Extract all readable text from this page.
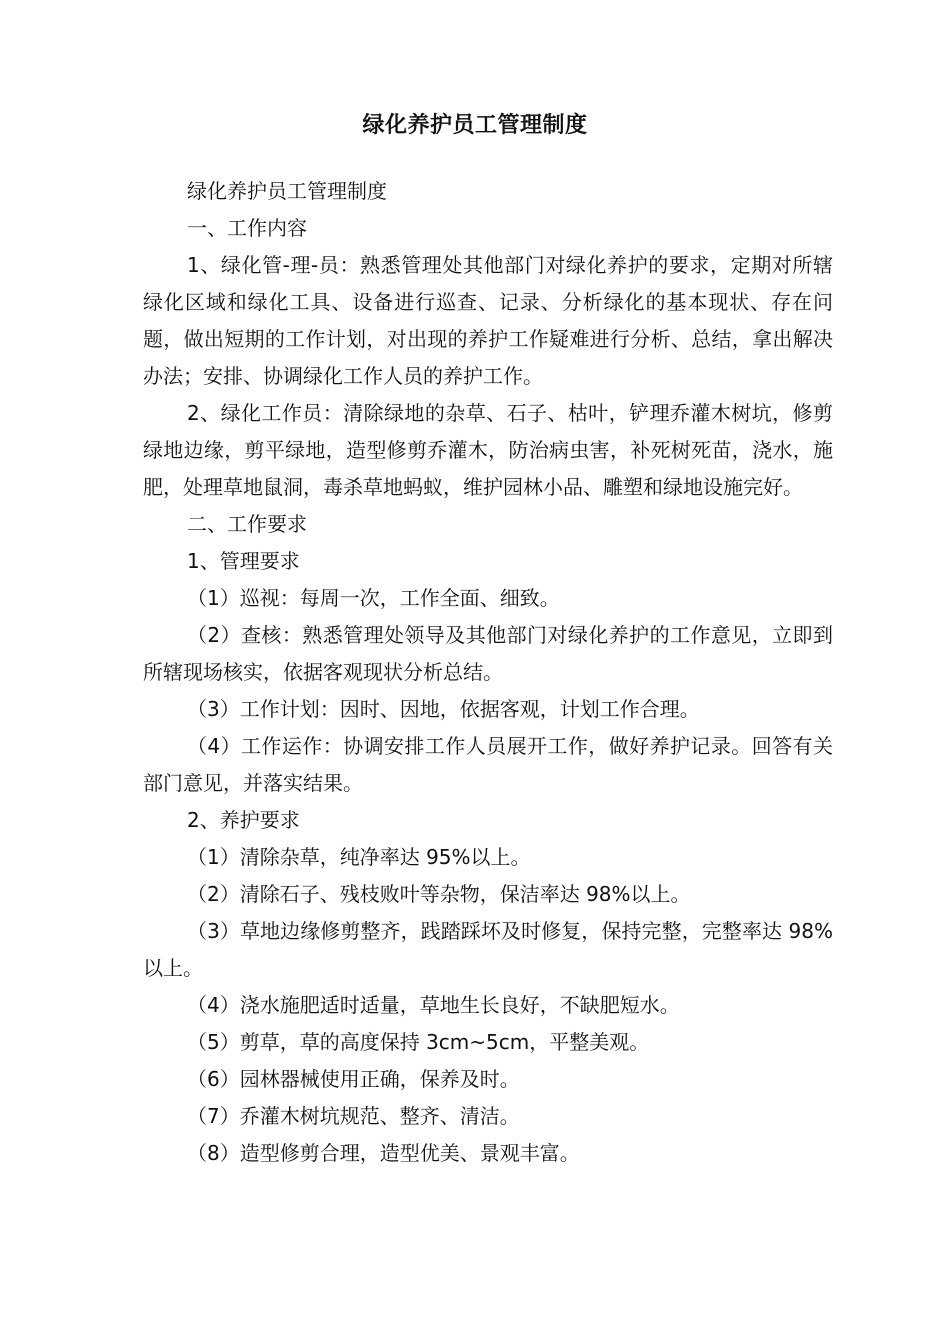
绿化养护员工管理制度

绿化养护员工管理制度

一、工作内容

1、绿化管-理-员：熟悉管理处其他部门对绿化养护的要求，定期对所辖绿化区域和绿化工具、设备进行巡查、记录、分析绿化的基本现状、存在问题，做出短期的工作计划，对出现的养护工作疑难进行分析、总结，拿出解决办法；安排、协调绿化工作人员的养护工作。

2、绿化工作员：清除绿地的杂草、石子、枯叶，铲理乔灌木树坑，修剪绿地边缘，剪平绿地，造型修剪乔灌木，防治病虫害，补死树死苗，浇水，施肥，处理草地鼠洞，毒杀草地蚂蚁，维护园林小品、雕塑和绿地设施完好。

二、工作要求

1、管理要求

（1）巡视：每周一次，工作全面、细致。

（2）查核：熟悉管理处领导及其他部门对绿化养护的工作意见，立即到所辖现场核实，依据客观现状分析总结。

（3）工作计划：因时、因地，依据客观，计划工作合理。

（4）工作运作：协调安排工作人员展开工作，做好养护记录。回答有关部门意见，并落实结果。

2、养护要求

（1）清除杂草，纯净率达 95%以上。

（2）清除石子、残枝败叶等杂物，保洁率达 98%以上。

（3）草地边缘修剪整齐，践踏踩坏及时修复，保持完整，完整率达 98%以上。

（4）浇水施肥适时适量，草地生长良好，不缺肥短水。

（5）剪草，草的高度保持 3cm~5cm，平整美观。

（6）园林器械使用正确，保养及时。

（7）乔灌木树坑规范、整齐、清洁。

（8）造型修剪合理，造型优美、景观丰富。
